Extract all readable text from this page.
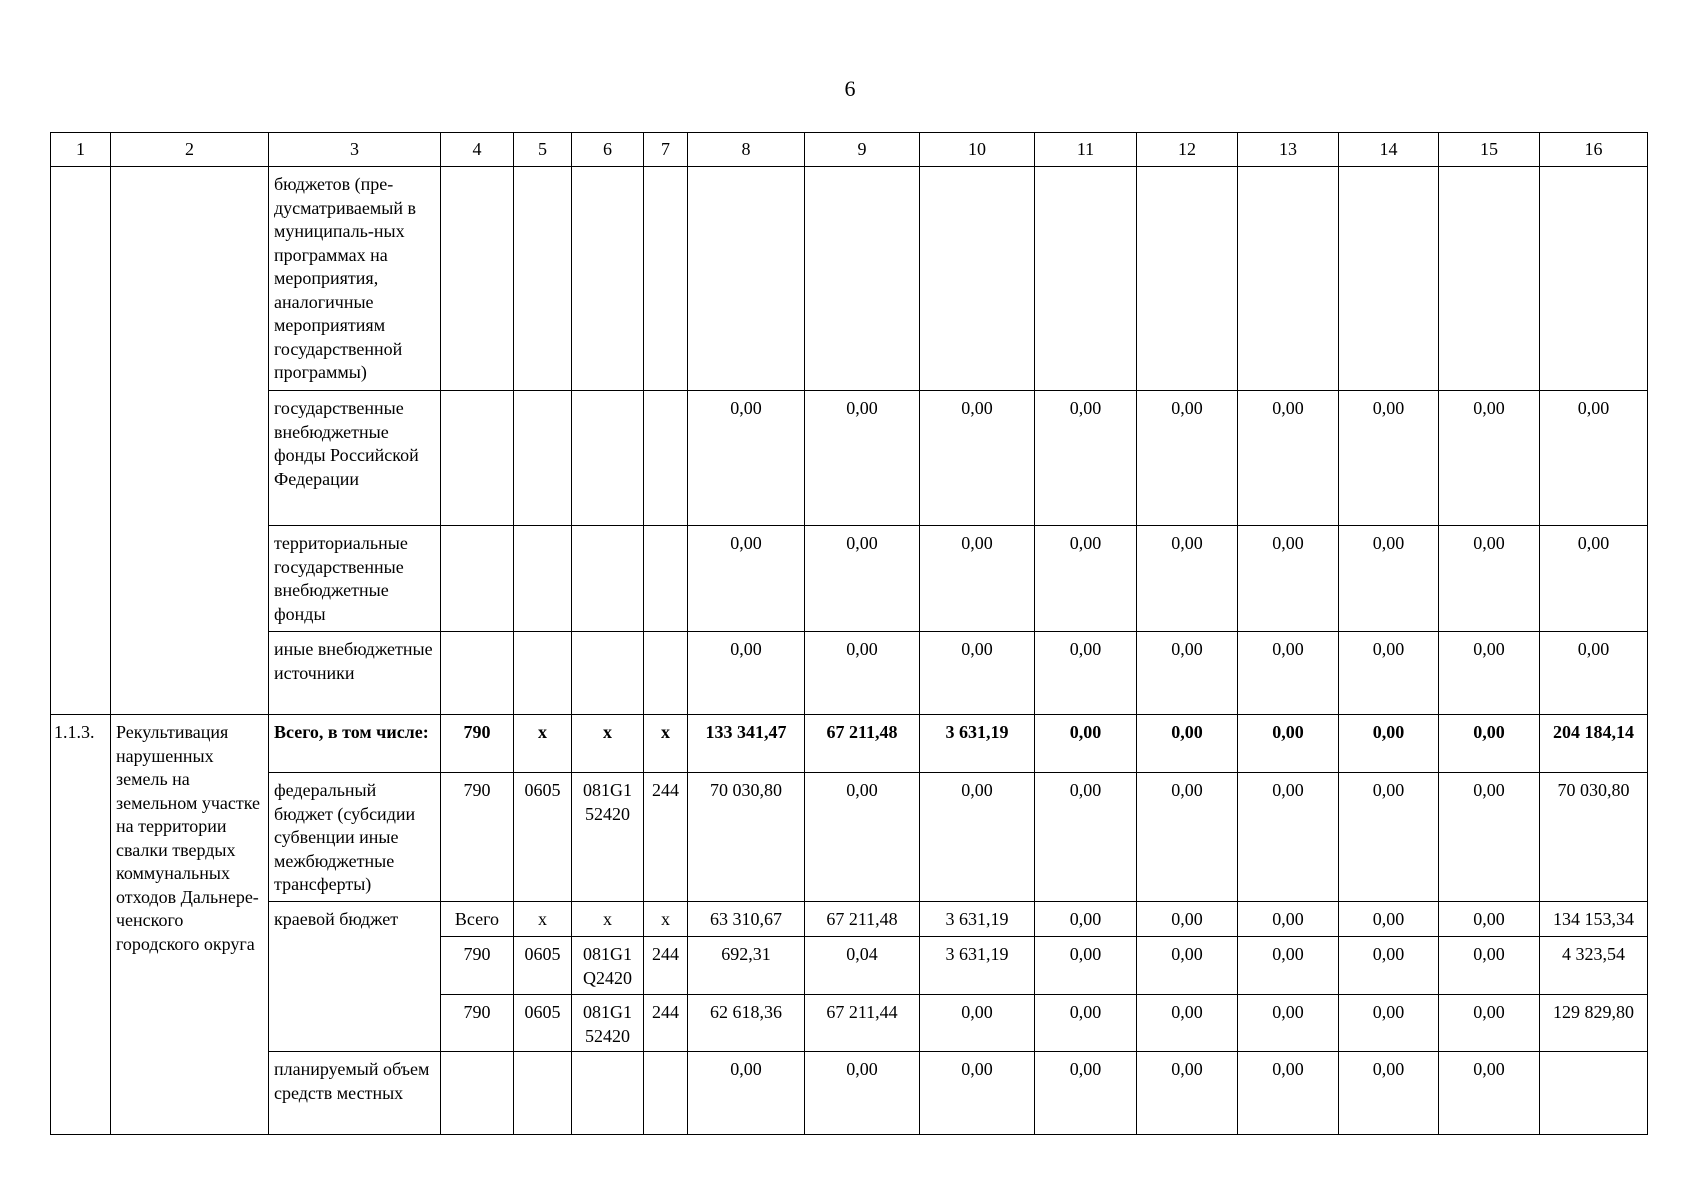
6
1	2	3	4	5	6	7	8	9	10	11	12	13	14	15	16

		бюджетов (пре-дусматриваемый в муниципаль-ных программах на мероприятия, аналогичные мероприятиям государственной программы)													

		государственные внебюджетные фонды Российской Федерации					0,00	0,00	0,00	0,00	0,00	0,00	0,00	0,00	0,00

		территориальные государственные внебюджетные фонды					0,00	0,00	0,00	0,00	0,00	0,00	0,00	0,00	0,00

		иные внебюджетные источники					0,00	0,00	0,00	0,00	0,00	0,00	0,00	0,00	0,00

1.1.3.	Рекультивация нарушенных земель на земельном участке на территории свалки твердых коммунальных отходов Дальнере-ченского городского округа	Всего, в том числе:	790	х	х	х	133 341,47	67 211,48	3 631,19	0,00	0,00	0,00	0,00	0,00	204 184,14

		федеральный бюджет (субсидии субвенции иные межбюджетные трансферты)	790	0605	081G1
52420	244	70 030,80	0,00	0,00	0,00	0,00	0,00	0,00	0,00	70 030,80

		краевой бюджет	Всего	х	х	х	63 310,67	67 211,48	3 631,19	0,00	0,00	0,00	0,00	0,00	134 153,34

			790	0605	081G1
Q2420	244	692,31	0,04	3 631,19	0,00	0,00	0,00	0,00	0,00	4 323,54

			790	0605	081G1
52420	244	62 618,36	67 211,44	0,00	0,00	0,00	0,00	0,00	0,00	129 829,80

		планируемый объем средств местных					0,00	0,00	0,00	0,00	0,00	0,00	0,00	0,00	
